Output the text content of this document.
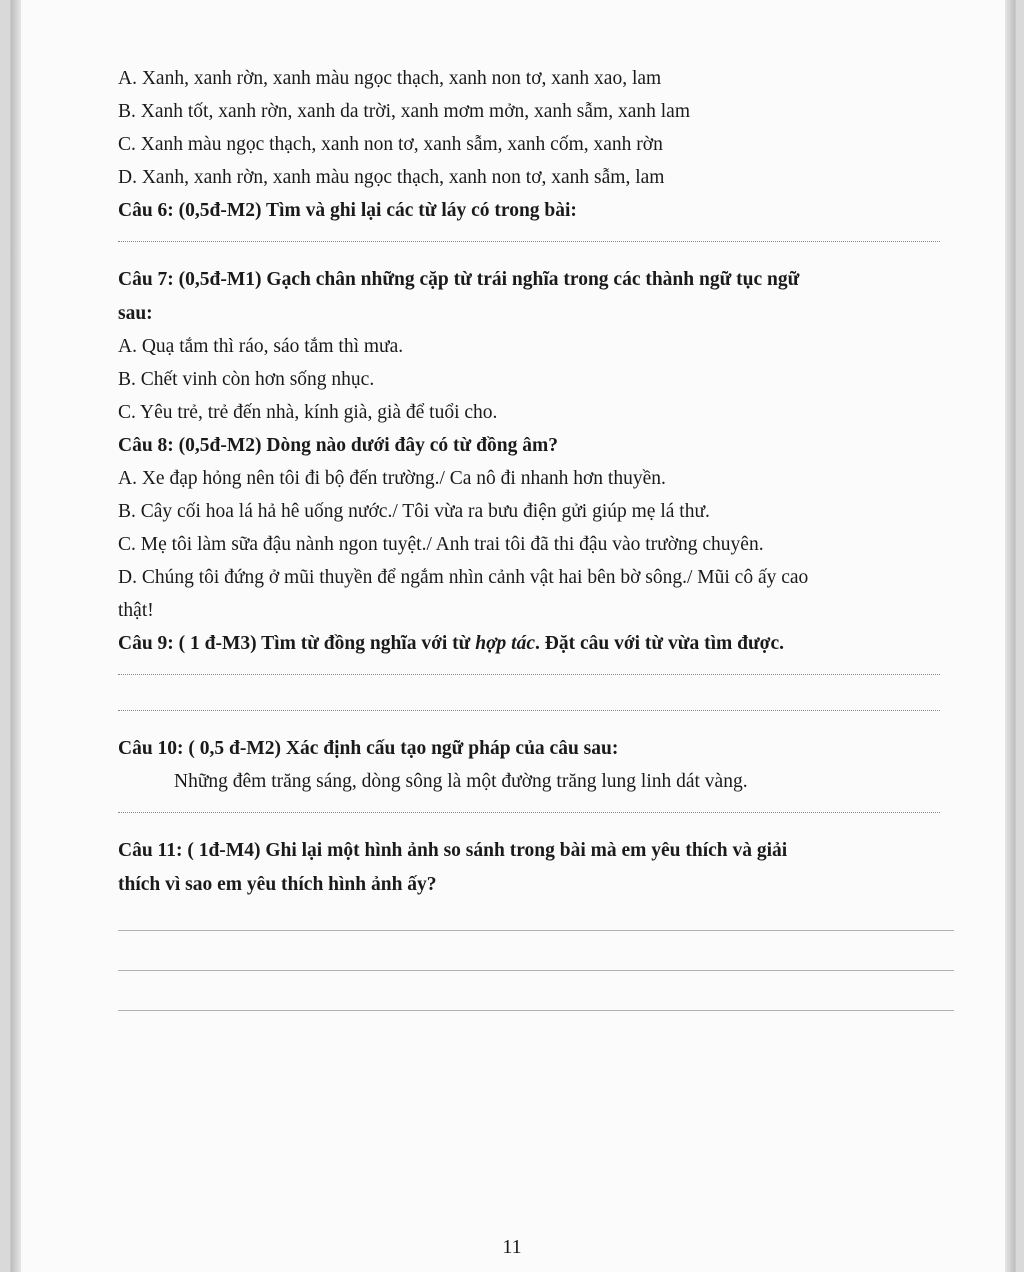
A. Xanh, xanh rờn, xanh màu ngọc thạch, xanh non tơ, xanh xao, lam
B. Xanh tốt, xanh rờn, xanh da trời, xanh mơm mởn, xanh sẫm, xanh lam
C. Xanh màu ngọc thạch, xanh non tơ, xanh sẫm, xanh cốm, xanh rờn
D. Xanh, xanh rờn, xanh màu ngọc thạch, xanh non tơ, xanh sẫm, lam
Câu 6: (0,5đ-M2) Tìm và ghi lại các từ láy có trong bài:
Câu 7: (0,5đ-M1) Gạch chân những cặp từ trái nghĩa trong các thành ngữ tục ngữ
sau:
A. Quạ tắm thì ráo, sáo tắm thì mưa.
B. Chết vinh còn hơn sống nhục.
C. Yêu trẻ, trẻ đến nhà, kính già, già để tuổi cho.
Câu 8: (0,5đ-M2) Dòng nào dưới đây có từ đồng âm?
A. Xe đạp hỏng nên tôi đi bộ đến trường./ Ca nô đi nhanh hơn thuyền.
B. Cây cối hoa lá hả hê uống nước./ Tôi vừa ra bưu điện gửi giúp mẹ lá thư.
C. Mẹ tôi làm sữa đậu nành ngon tuyệt./ Anh trai tôi đã thi đậu vào trường chuyên.
D. Chúng tôi đứng ở mũi thuyền để ngắm nhìn cảnh vật hai bên bờ sông./ Mũi cô ấy cao
thật!
Câu 9: ( 1 đ-M3) Tìm từ đồng nghĩa với từ hợp tác. Đặt câu với từ vừa tìm được.
Câu 10: ( 0,5 đ-M2) Xác định cấu tạo ngữ pháp của câu sau:
Những đêm trăng sáng, dòng sông là một đường trăng lung linh dát vàng.
Câu 11: ( 1đ-M4) Ghi lại một hình ảnh so sánh trong bài mà em yêu thích và giải
thích vì sao em yêu thích hình ảnh ấy?
11
